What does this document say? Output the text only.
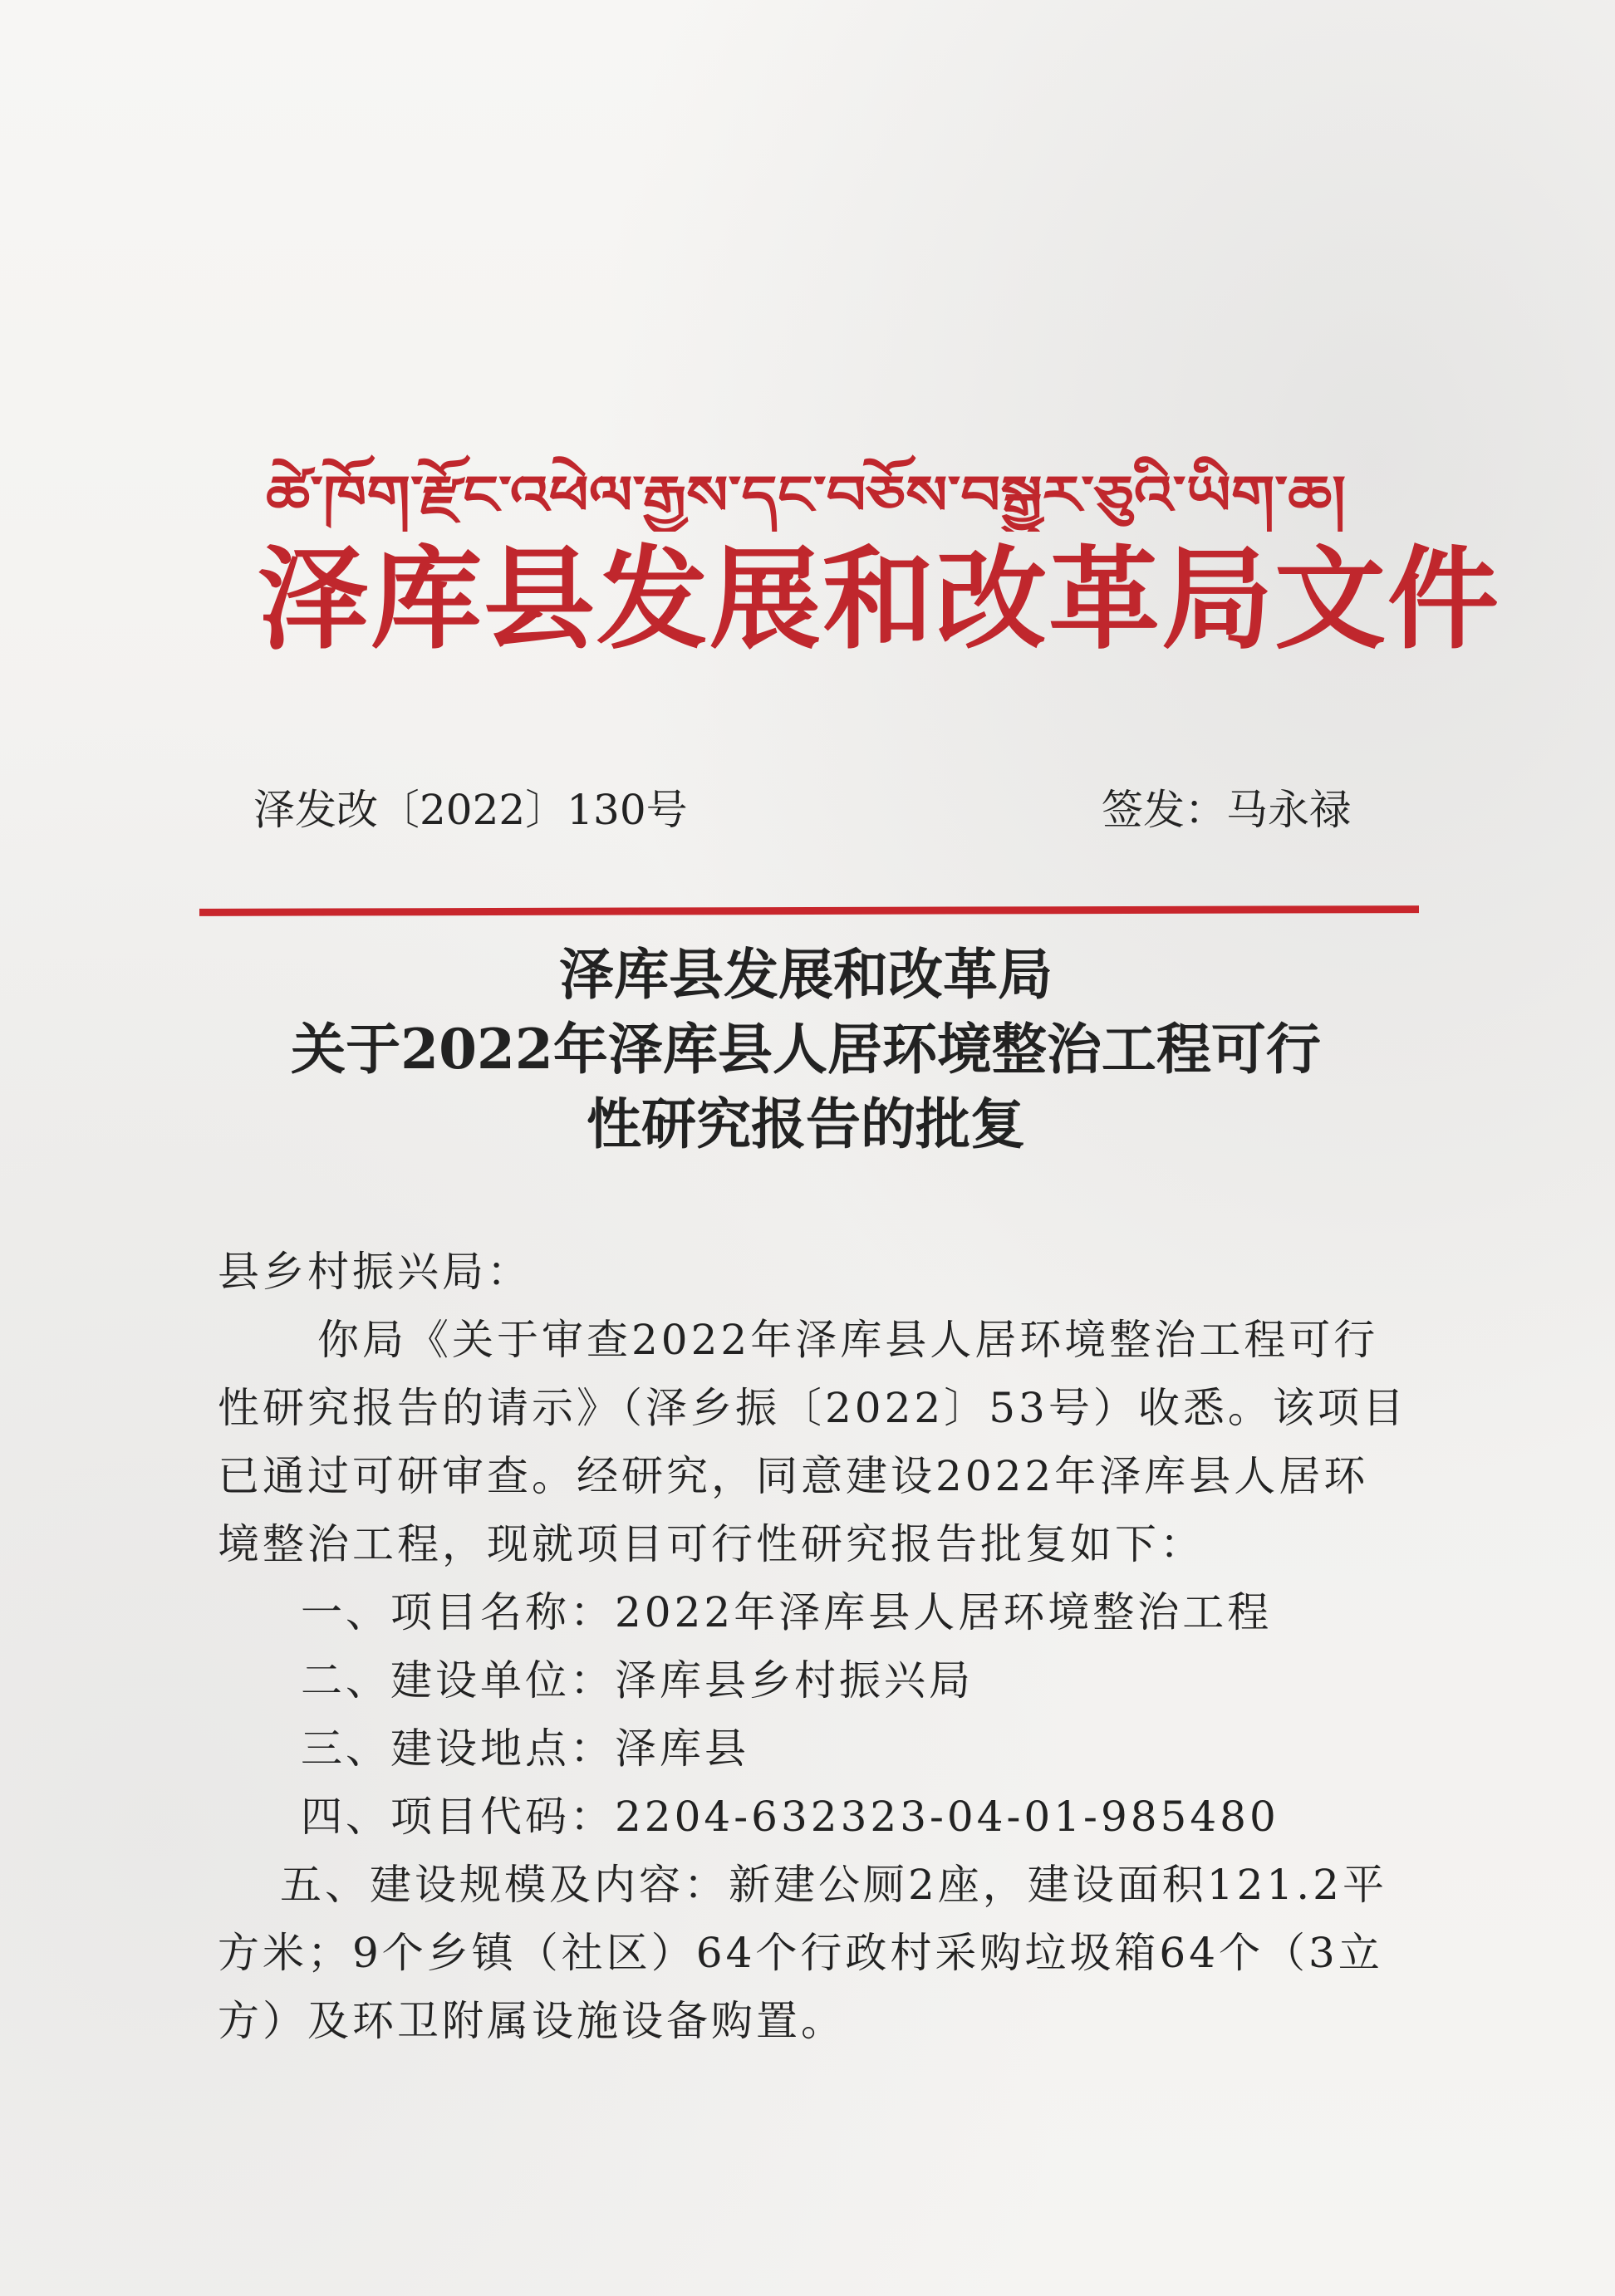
ཚེ་ཁོག་རྫོང་འཕེལ་རྒྱས་དང་བཅོས་བསྒྱུར་ཅུའི་ཡིག་ཆ།
泽库县发展和改革局文件
泽发改〔2022〕130号	签发：马永禄
泽库县发展和改革局
关于2022年泽库县人居环境整治工程可行
性研究报告的批复

县乡村振兴局：

你局《关于审查2022年泽库县人居环境整治工程可行

性研究报告的请示》（泽乡振〔2022〕53号）收悉。该项目

已通过可研审查。经研究，同意建设2022年泽库县人居环

境整治工程，现就项目可行性研究报告批复如下：

一、项目名称：2022年泽库县人居环境整治工程

二、建设单位：泽库县乡村振兴局

三、建设地点：泽库县

四、项目代码：2204-632323-04-01-985480

五、建设规模及内容：新建公厕2座，建设面积121.2平

方米；9个乡镇（社区）64个行政村采购垃圾箱64个（3立

方）及环卫附属设施设备购置。
